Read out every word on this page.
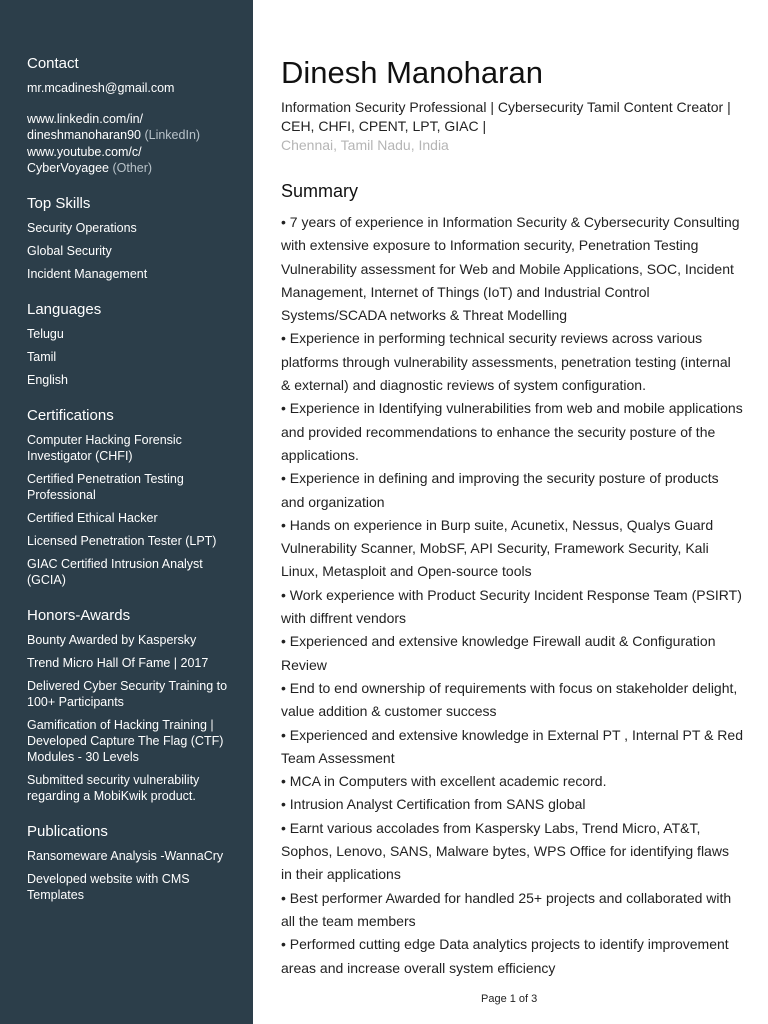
Contact
mr.mcadinesh@gmail.com
www.linkedin.com/in/
dineshmanoharan90 (LinkedIn)
www.youtube.com/c/
CyberVoyagee (Other)
Top Skills
Security Operations
Global Security
Incident Management
Languages
Telugu
Tamil
English
Certifications
Computer Hacking Forensic Investigator (CHFI)
Certified Penetration Testing Professional
Certified Ethical Hacker
Licensed Penetration Tester (LPT)
GIAC Certified Intrusion Analyst (GCIA)
Honors-Awards
Bounty Awarded by Kaspersky
Trend Micro Hall Of Fame | 2017
Delivered Cyber Security Training to 100+ Participants
Gamification of Hacking Training | Developed Capture The Flag (CTF) Modules - 30 Levels
Submitted security vulnerability regarding a MobiKwik product.
Publications
Ransomeware Analysis -WannaCry
Developed website with CMS Templates
Dinesh Manoharan
Information Security Professional | Cybersecurity Tamil Content Creator | CEH, CHFI, CPENT, LPT, GIAC |
Chennai, Tamil Nadu, India
Summary

• 7 years of experience in Information Security & Cybersecurity Consulting with extensive exposure to Information security, Penetration Testing Vulnerability assessment for Web and Mobile Applications, SOC, Incident Management, Internet of Things (IoT) and Industrial Control Systems/SCADA networks & Threat Modelling

• Experience in performing technical security reviews across various platforms through vulnerability assessments, penetration testing (internal & external) and diagnostic reviews of system configuration.

• Experience in Identifying vulnerabilities from web and mobile applications and provided recommendations to enhance the security posture of the applications.

• Experience in defining and improving the security posture of products and organization

• Hands on experience in Burp suite, Acunetix, Nessus, Qualys Guard Vulnerability Scanner, MobSF, API Security, Framework Security, Kali Linux, Metasploit and Open-source tools

• Work experience with Product Security Incident Response Team (PSIRT) with diffrent vendors

• Experienced and extensive knowledge Firewall audit & Configuration Review

• End to end ownership of requirements with focus on stakeholder delight, value addition & customer success

• Experienced and extensive knowledge in External PT , Internal PT & Red Team Assessment

• MCA in Computers with excellent academic record.

• Intrusion Analyst Certification from SANS global

• Earnt various accolades from Kaspersky Labs, Trend Micro, AT&T, Sophos, Lenovo, SANS, Malware bytes, WPS Office for identifying flaws in their applications

• Best performer Awarded for handled 25+ projects and collaborated with all the team members

• Performed cutting edge Data analytics projects to identify improvement areas and increase overall system efficiency

Page 1 of 3
